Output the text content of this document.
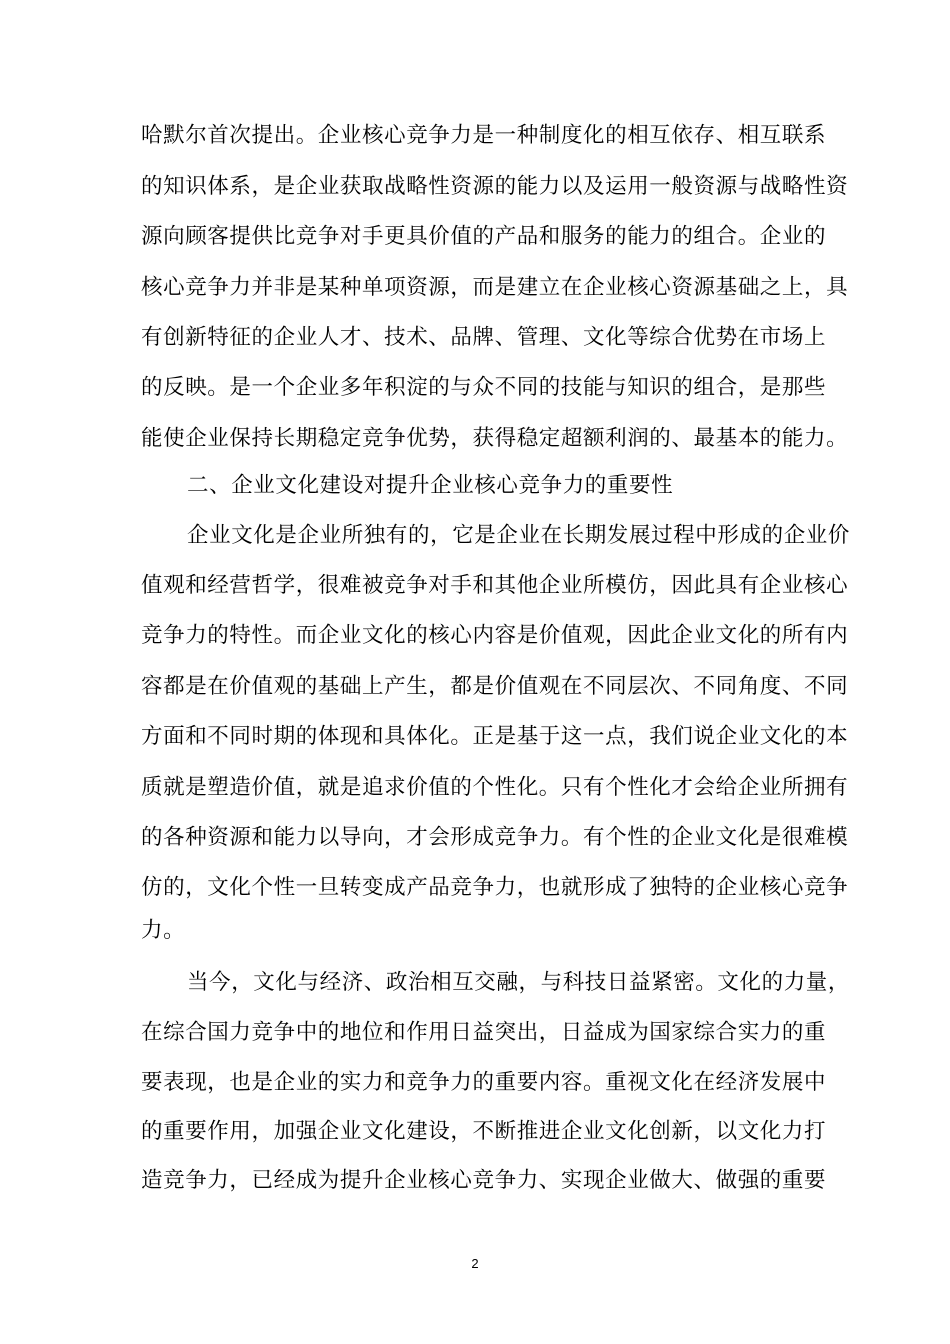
哈默尔首次提出。企业核心竞争力是一种制度化的相互依存、相互联系
的知识体系，是企业获取战略性资源的能力以及运用一般资源与战略性资
源向顾客提供比竞争对手更具价值的产品和服务的能力的组合。企业的
核心竞争力并非是某种单项资源，而是建立在企业核心资源基础之上，具
有创新特征的企业人才、技术、品牌、管理、文化等综合优势在市场上
的反映。是一个企业多年积淀的与众不同的技能与知识的组合，是那些
能使企业保持长期稳定竞争优势，获得稳定超额利润的、最基本的能力。
二、企业文化建设对提升企业核心竞争力的重要性
企业文化是企业所独有的，它是企业在长期发展过程中形成的企业价
值观和经营哲学，很难被竞争对手和其他企业所模仿，因此具有企业核心
竞争力的特性。而企业文化的核心内容是价值观，因此企业文化的所有内
容都是在价值观的基础上产生，都是价值观在不同层次、不同角度、不同
方面和不同时期的体现和具体化。正是基于这一点，我们说企业文化的本
质就是塑造价值，就是追求价值的个性化。只有个性化才会给企业所拥有
的各种资源和能力以导向，才会形成竞争力。有个性的企业文化是很难模
仿的，文化个性一旦转变成产品竞争力，也就形成了独特的企业核心竞争
力。
当今，文化与经济、政治相互交融，与科技日益紧密。文化的力量，
在综合国力竞争中的地位和作用日益突出，日益成为国家综合实力的重
要表现，也是企业的实力和竞争力的重要内容。重视文化在经济发展中
的重要作用，加强企业文化建设，不断推进企业文化创新，以文化力打
造竞争力，已经成为提升企业核心竞争力、实现企业做大、做强的重要
2
